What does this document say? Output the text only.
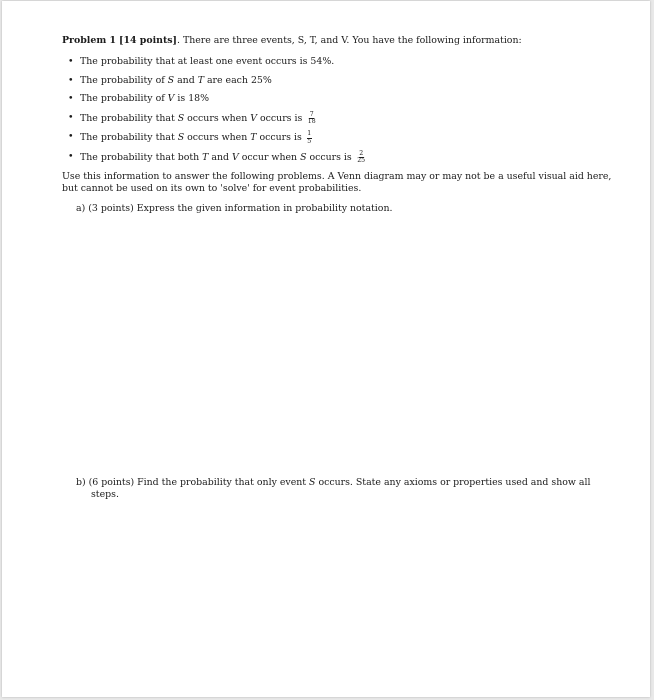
Problem 1 [14 points]. There are three events, S, T, and V. You have the following information:

• The probability that at least one event occurs is 54%.
• The probability of S and T are each 25%
• The probability of V is 18%
• The probability that S occurs when V occurs is $\frac{7}{18}$
• The probability that S occurs when T occurs is $\frac{1}{5}$
• The probability that both T and V occur when S occurs is $\frac{2}{25}$

Use this information to answer the following problems. A Venn diagram may or may not be a useful visual aid here, but cannot be used on its own to 'solve' for event probabilities.

a) (3 points) Express the given information in probability notation.

b) (6 points) Find the probability that only event S occurs. State any axioms or properties used and show all
steps.
